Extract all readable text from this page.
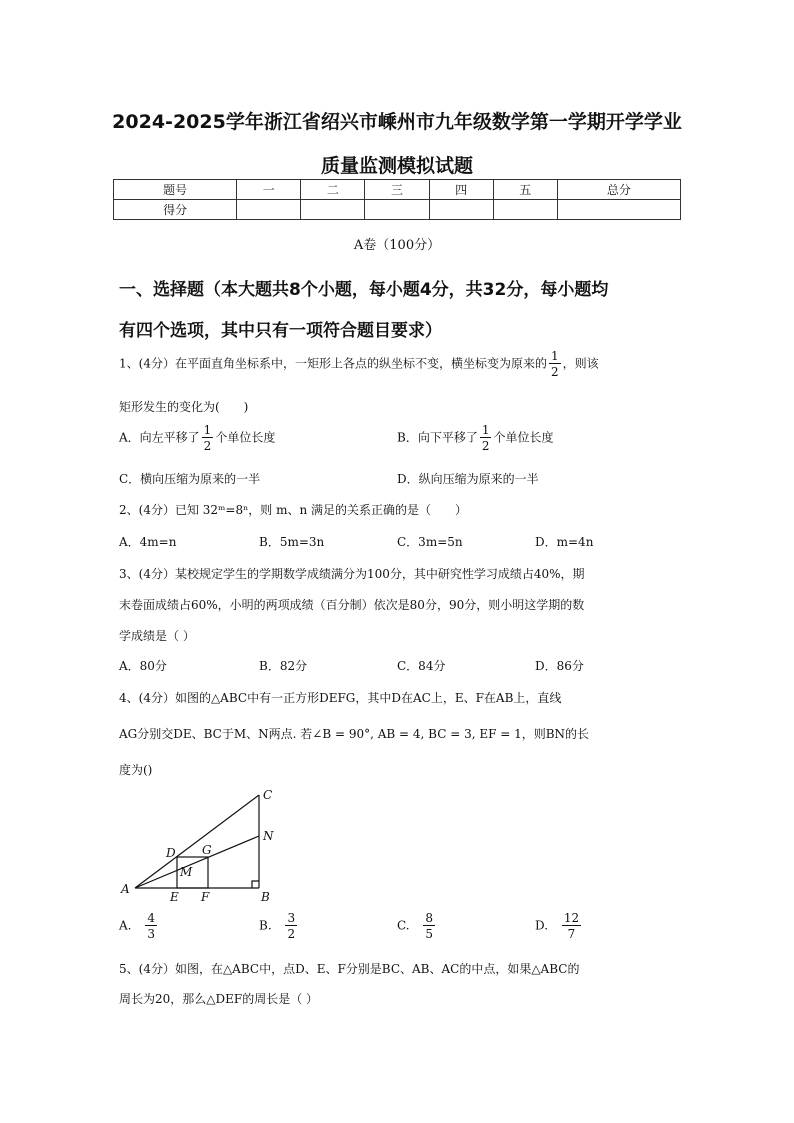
2024-2025学年浙江省绍兴市嵊州市九年级数学第一学期开学学业
质量监测模拟试题
题号	一	二	三	四	五	总分
得分						
A卷（100分）
一、选择题（本大题共8个小题，每小题4分，共32分，每小题均
有四个选项，其中只有一项符合题目要求）
1、(4分）在平面直角坐标系中，一矩形上各点的纵坐标不变，横坐标变为原来的 $\frac{1}{2}$ ，则该
矩形发生的变化为(　　)
A．向左平移了 $\frac{1}{2}$ 个单位长度	B．向下平移了 $\frac{1}{2}$ 个单位长度
C．横向压缩为原来的一半	D．纵向压缩为原来的一半
2、(4分）已知 32ᵐ=8ⁿ，则 m、n 满足的关系正确的是（　　）
A．4m=n	B．5m=3n	C．3m=5n	D．m=4n
3、(4分）某校规定学生的学期数学成绩满分为100分，其中研究性学习成绩占40%，期
末卷面成绩占60%，小明的两项成绩（百分制）依次是80分，90分，则小明这学期的数
学成绩是（ ）
A．80分	B．82分	C．84分	D．86分
4、(4分）如图的△ABC中有一正方形DEFG，其中D在AC上，E、F在AB上，直线
AG分别交DE、BC于M、N两点. 若∠B = 90°, AB = 4, BC = 3, EF = 1，则BN的长
度为()
C
N
D G
M
A
E F	B
A. $\frac{4}{3}$	B. $\frac{3}{2}$	C. $\frac{8}{5}$	D. $\frac{12}{7}$
5、(4分）如图，在△ABC中，点D、E、F分别是BC、AB、AC的中点，如果△ABC的
周长为20，那么△DEF的周长是（ ）
